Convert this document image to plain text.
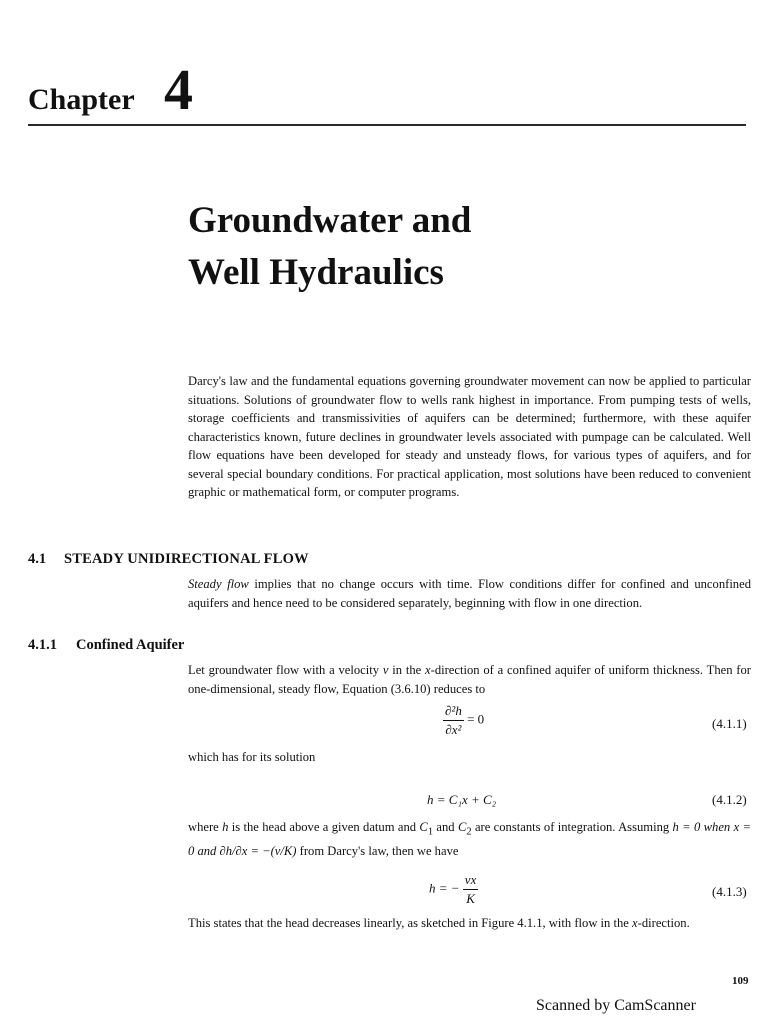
Chapter 4
Groundwater and
Well Hydraulics
Darcy's law and the fundamental equations governing groundwater movement can now be applied to particular situations. Solutions of groundwater flow to wells rank highest in importance. From pumping tests of wells, storage coefficients and transmissivities of aquifers can be determined; furthermore, with these aquifer characteristics known, future declines in groundwater levels associated with pumpage can be calculated. Well flow equations have been developed for steady and unsteady flows, for various types of aquifers, and for several special boundary conditions. For practical application, most solutions have been reduced to convenient graphic or mathematical form, or computer programs.
4.1 STEADY UNIDIRECTIONAL FLOW
Steady flow implies that no change occurs with time. Flow conditions differ for confined and unconfined aquifers and hence need to be considered separately, beginning with flow in one direction.
4.1.1 Confined Aquifer
Let groundwater flow with a velocity v in the x-direction of a confined aquifer of uniform thickness. Then for one-dimensional, steady flow, Equation (3.6.10) reduces to
$\frac{\text{∂²h}}{\text{∂x²}} = 0$	(4.1.1)
which has for its solution
h = C₁x + C₂	(4.1.2)
where h is the head above a given datum and $C_1$ and $C_2$ are constants of integration. Assuming h = 0 when x = 0 and ∂h/∂x = −(v/K) from Darcy's law, then we have
h = − $\frac{vx}{K}$	(4.1.3)
This states that the head decreases linearly, as sketched in Figure 4.1.1, with flow in the x-direction.
109
Scanned by CamScanner
